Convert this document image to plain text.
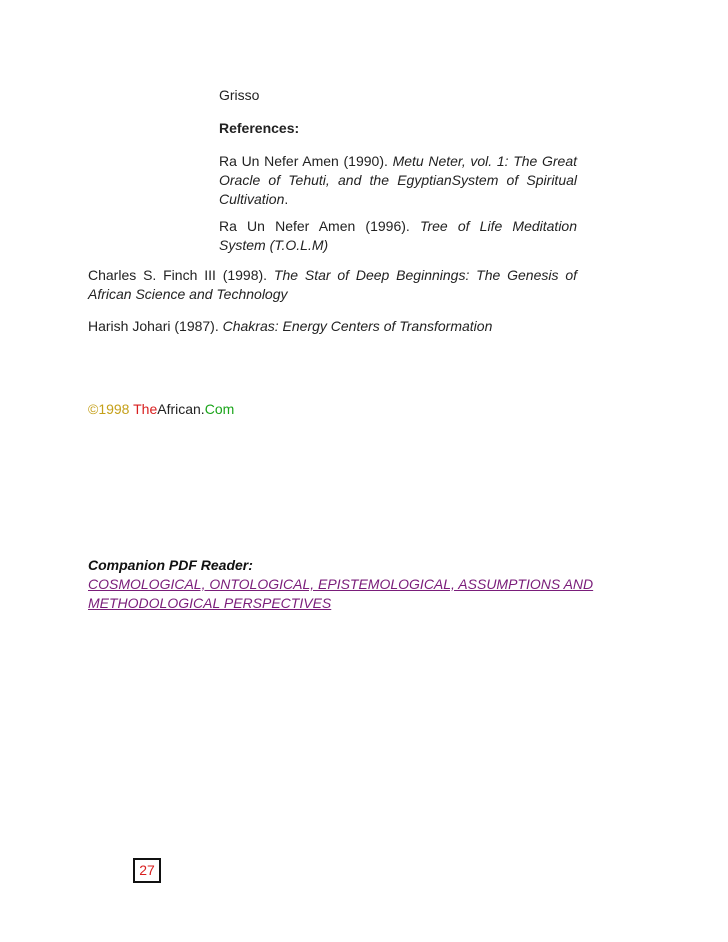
Grisso
References:
Ra Un Nefer Amen (1990). Metu Neter, vol. 1: The Great Oracle of Tehuti, and the EgyptianSystem of Spiritual Cultivation.
Ra Un Nefer Amen (1996). Tree of Life Meditation System (T.O.L.M)
Charles S. Finch III (1998). The Star of Deep Beginnings: The Genesis of African Science and Technology
Harish Johari (1987). Chakras: Energy Centers of Transformation
©1998 TheAfrican.Com
Companion PDF Reader:
COSMOLOGICAL, ONTOLOGICAL, EPISTEMOLOGICAL, ASSUMPTIONS AND METHODOLOGICAL PERSPECTIVES
27
